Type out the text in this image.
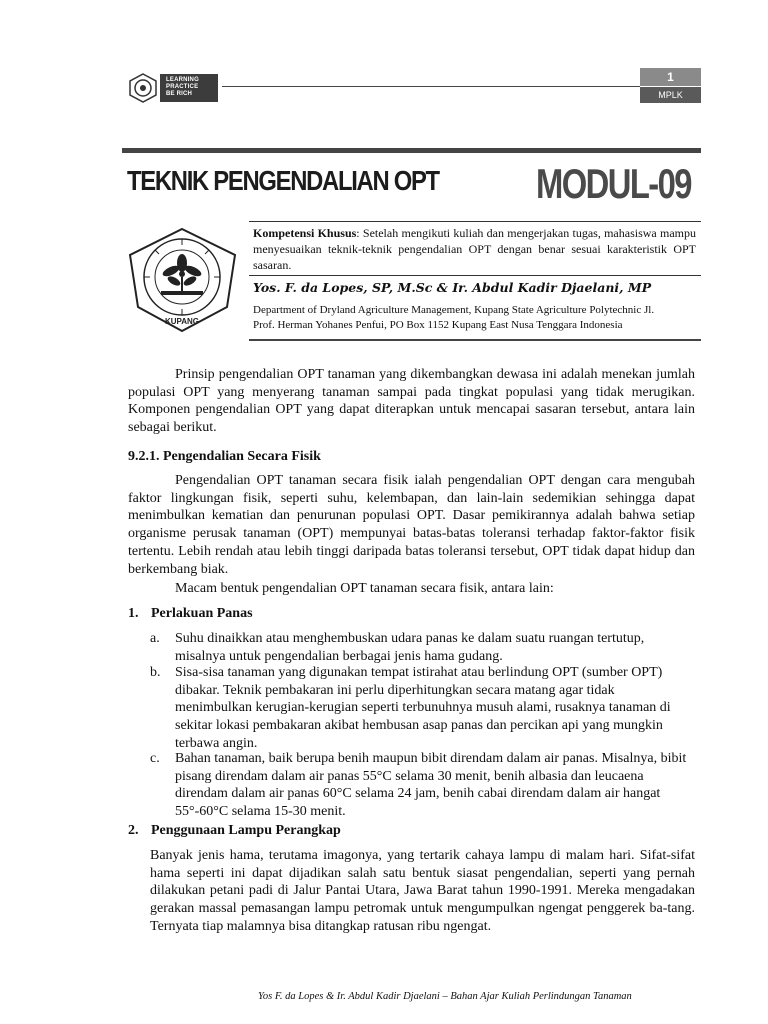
LEARNING
PRACTICE
BE RICH
1
MPLK
TEKNIK PENGENDALIAN OPT MODUL-09
KUPANG
Kompetensi Khusus: Setelah mengikuti kuliah dan mengerjakan tugas, mahasiswa mampu menyesuaikan teknik-teknik pengendalian OPT dengan benar sesuai karakteristik OPT sasaran.
Yos. F. da Lopes, SP, M.Sc & Ir. Abdul Kadir Djaelani, MP
Department of Dryland Agriculture Management, Kupang State Agriculture Polytechnic Jl.
Prof. Herman Yohanes Penfui, PO Box 1152 Kupang East Nusa Tenggara Indonesia
Prinsip pengendalian OPT tanaman yang dikembangkan dewasa ini adalah menekan jumlah populasi OPT yang menyerang tanaman sampai pada tingkat populasi yang tidak merugikan. Komponen pengendalian OPT yang dapat diterapkan untuk mencapai sasaran tersebut, antara lain sebagai berikut.
9.2.1. Pengendalian Secara Fisik
Pengendalian OPT tanaman secara fisik ialah pengendalian OPT dengan cara mengubah faktor lingkungan fisik, seperti suhu, kelembapan, dan lain-lain sedemikian sehingga dapat menimbulkan kematian dan penurunan populasi OPT. Dasar pemikirannya adalah bahwa setiap organisme perusak tanaman (OPT) mempunyai batas-batas toleransi terhadap faktor-faktor fisik tertentu. Lebih rendah atau lebih tinggi daripada batas toleransi tersebut, OPT tidak dapat hidup dan berkembang biak.
Macam bentuk pengendalian OPT tanaman secara fisik, antara lain:
1. Perlakuan Panas
a. Suhu dinaikkan atau menghembuskan udara panas ke dalam suatu ruangan tertutup, misalnya untuk pengendalian berbagai jenis hama gudang.
b. Sisa-sisa tanaman yang digunakan tempat istirahat atau berlindung OPT (sumber OPT) dibakar. Teknik pembakaran ini perlu diperhitungkan secara matang agar tidak menimbulkan kerugian-kerugian seperti terbunuhnya musuh alami, rusaknya tanaman di sekitar lokasi pembakaran akibat hembusan asap panas dan percikan api yang mungkin terbawa angin.
c. Bahan tanaman, baik berupa benih maupun bibit direndam dalam air panas. Misalnya, bibit pisang direndam dalam air panas 55°C selama 30 menit, benih albasia dan leucaena direndam dalam air panas 60°C selama 24 jam, benih cabai direndam dalam air hangat 55°-60°C selama 15-30 menit.
2. Penggunaan Lampu Perangkap
Banyak jenis hama, terutama imagonya, yang tertarik cahaya lampu di malam hari. Sifat-sifat hama seperti ini dapat dijadikan salah satu bentuk siasat pengendalian, seperti yang pernah dilakukan petani padi di Jalur Pantai Utara, Jawa Barat tahun 1990-1991. Mereka mengadakan gerakan massal pemasangan lampu petromak untuk mengumpulkan ngengat penggerek ba-tang. Ternyata tiap malamnya bisa ditangkap ratusan ribu ngengat.
Yos F. da Lopes & Ir. Abdul Kadir Djaelani – Bahan Ajar Kuliah Perlindungan Tanaman
